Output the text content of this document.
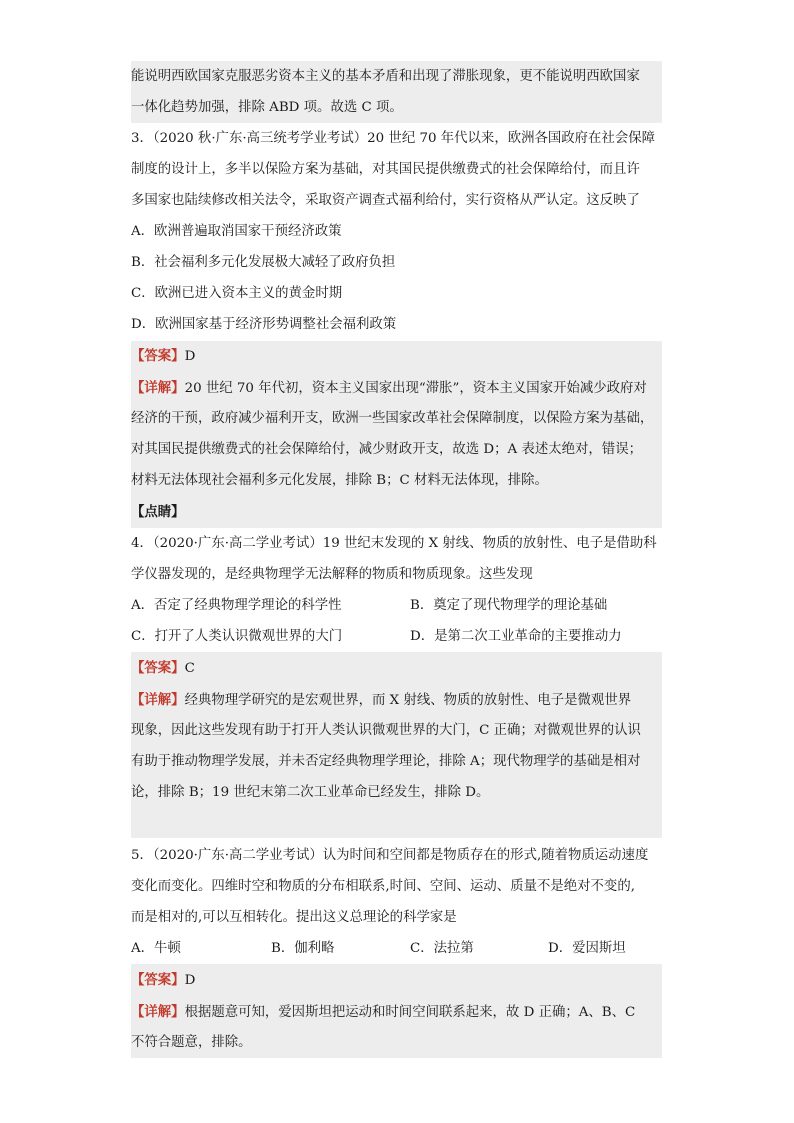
能说明西欧国家克服恶劣资本主义的基本矛盾和出现了滞胀现象，更不能说明西欧国家
一体化趋势加强，排除 ABD 项。故选 C 项。
3．（2020 秋·广东·高三统考学业考试）20 世纪 70 年代以来，欧洲各国政府在社会保障
制度的设计上，多半以保险方案为基础，对其国民提供缴费式的社会保障给付，而且许
多国家也陆续修改相关法令，采取资产调查式福利给付，实行资格从严认定。这反映了
A．欧洲普遍取消国家干预经济政策
B．社会福利多元化发展极大减轻了政府负担
C．欧洲已进入资本主义的黄金时期
D．欧洲国家基于经济形势调整社会福利政策
【答案】D
【详解】20 世纪 70 年代初，资本主义国家出现“滞胀”，资本主义国家开始减少政府对
经济的干预，政府减少福利开支，欧洲一些国家改革社会保障制度，以保险方案为基础，
对其国民提供缴费式的社会保障给付，减少财政开支，故选 D；A 表述太绝对，错误；
材料无法体现社会福利多元化发展，排除 B；C 材料无法体现，排除。
【点睛】
4．（2020·广东·高二学业考试）19 世纪末发现的 X 射线、物质的放射性、电子是借助科
学仪器发现的，是经典物理学无法解释的物质和物质现象。这些发现
A．否定了经典物理学理论的科学性	B．奠定了现代物理学的理论基础
C．打开了人类认识微观世界的大门	D．是第二次工业革命的主要推动力
【答案】C
【详解】经典物理学研究的是宏观世界，而 X 射线、物质的放射性、电子是微观世界
现象，因此这些发现有助于打开人类认识微观世界的大门，C 正确；对微观世界的认识
有助于推动物理学发展，并未否定经典物理学理论，排除 A；现代物理学的基础是相对
论，排除 B；19 世纪末第二次工业革命已经发生，排除 D。
5．（2020·广东·高二学业考试）认为时间和空间都是物质存在的形式,随着物质运动速度
变化而变化。四维时空和物质的分布相联系,时间、空间、运动、质量不是绝对不变的,
而是相对的,可以互相转化。提出这义总理论的科学家是
A．牛顿	B．伽利略	C．法拉第	D．爱因斯坦
【答案】D
【详解】根据题意可知，爱因斯坦把运动和时间空间联系起来，故 D 正确；A、B、C
不符合题意，排除。
